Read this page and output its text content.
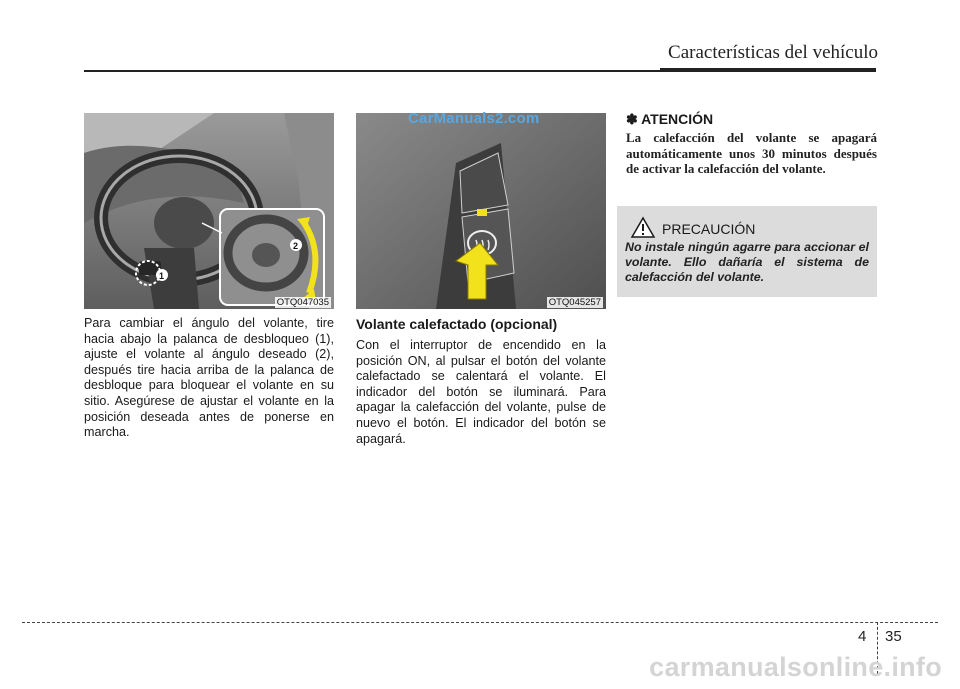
Características del vehículo
1
2
OTQ047035	OTQ045257
CarManuals2.com

Para cambiar el ángulo del volante, tire hacia abajo la palanca de desbloqueo (1), ajuste el volante al ángulo deseado (2), después tire hacia arriba de la palanca de desbloque para bloquear el volante en su sitio. Asegúrese de ajustar el volante en la posición deseada antes de ponerse en marcha.

Volante calefactado (opcional)

Con el interruptor de encendido en la posición ON, al pulsar el botón del volante calefactado se calentará el volante. El indicador del botón se iluminará. Para apagar la calefacción del volante, pulse de nuevo el botón. El indicador del botón se apagará.

✽ ATENCIÓN

La calefacción del volante se apagará automáticamente unos 30 minutos después de activar la calefacción del volante.

PRECAUCIÓN

No instale ningún agarre para accionar el volante. Ello dañaría el sistema de calefacción del volante.

4 35
carmanualsonline.info
